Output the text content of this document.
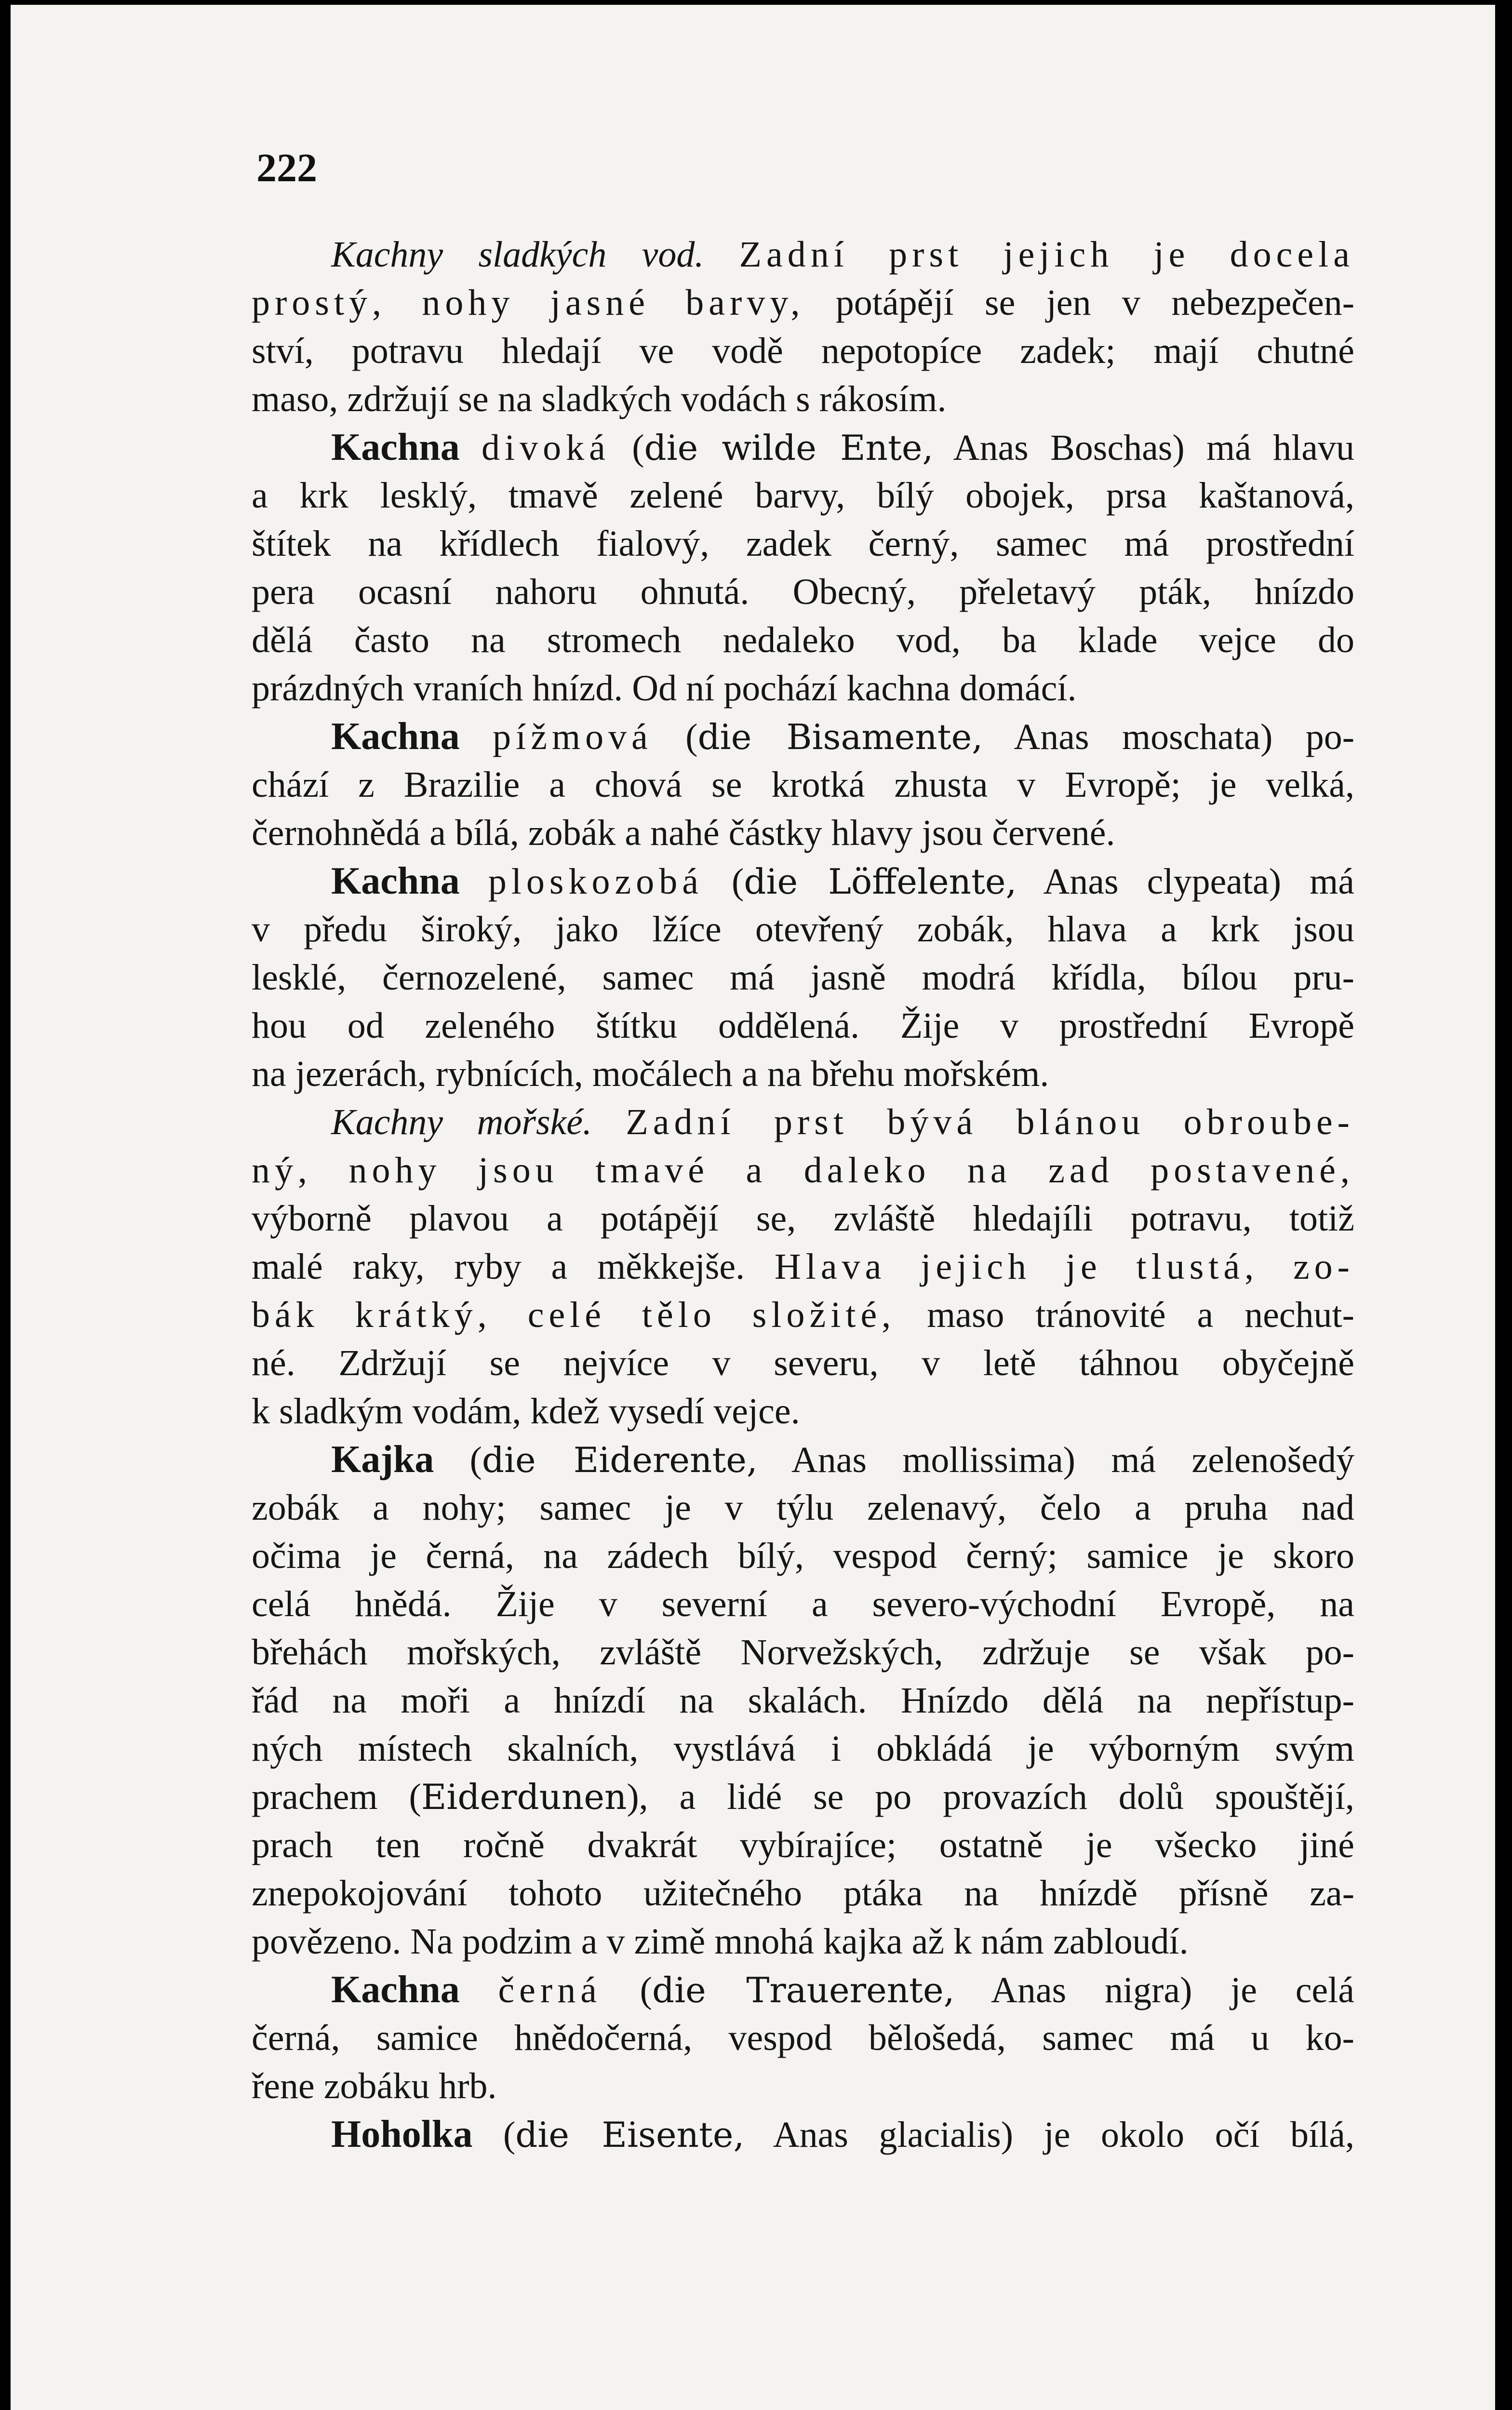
222
Kachny sladkých vod. Zadní prst jejich je docela
prostý, nohy jasné barvy, potápějí se jen v nebezpečen-
ství, potravu hledají ve vodě nepotopíce zadek; mají chutné
maso, zdržují se na sladkých vodách s rákosím.
Kachna divoká (die wilde Ente, Anas Boschas) má hlavu
a krk lesklý, tmavě zelené barvy, bílý obojek, prsa kaštanová,
štítek na křídlech fialový, zadek černý, samec má prostřední
pera ocasní nahoru ohnutá. Obecný, přeletavý pták, hnízdo
dělá často na stromech nedaleko vod, ba klade vejce do
prázdných vraních hnízd. Od ní pochází kachna domácí.
Kachna pížmová (die Bisamente, Anas moschata) po-
chází z Brazilie a chová se krotká zhusta v Evropě; je velká,
černohnědá a bílá, zobák a nahé částky hlavy jsou červené.
Kachna ploskozobá (die Löffelente, Anas clypeata) má
v předu široký, jako lžíce otevřený zobák, hlava a krk jsou
lesklé, černozelené, samec má jasně modrá křídla, bílou pru-
hou od zeleného štítku oddělená. Žije v prostřední Evropě
na jezerách, rybnících, močálech a na břehu mořském.
Kachny mořské. Zadní prst bývá blánou obroube-
ný, nohy jsou tmavé a daleko na zad postavené,
výborně plavou a potápějí se, zvláště hledajíli potravu, totiž
malé raky, ryby a měkkejše. Hlava jejich je tlustá, zo-
bák krátký, celé tělo složité, maso tránovité a nechut-
né. Zdržují se nejvíce v severu, v letě táhnou obyčejně
k sladkým vodám, kdež vysedí vejce.
Kajka (die Eiderente, Anas mollissima) má zelenošedý
zobák a nohy; samec je v týlu zelenavý, čelo a pruha nad
očima je černá, na zádech bílý, vespod černý; samice je skoro
celá hnědá. Žije v severní a severo-východní Evropě, na
břehách mořských, zvláště Norvežských, zdržuje se však po-
řád na moři a hnízdí na skalách. Hnízdo dělá na nepřístup-
ných místech skalních, vystlává i obkládá je výborným svým
prachem (Eiderdunen), a lidé se po provazích dolů spouštějí,
prach ten ročně dvakrát vybírajíce; ostatně je všecko jiné
znepokojování tohoto užitečného ptáka na hnízdě přísně za-
povězeno. Na podzim a v zimě mnohá kajka až k nám zabloudí.
Kachna černá (die Trauerente, Anas nigra) je celá
černá, samice hnědočerná, vespod bělošedá, samec má u ko-
řene zobáku hrb.
Hoholka (die Eisente, Anas glacialis) je okolo očí bílá,
